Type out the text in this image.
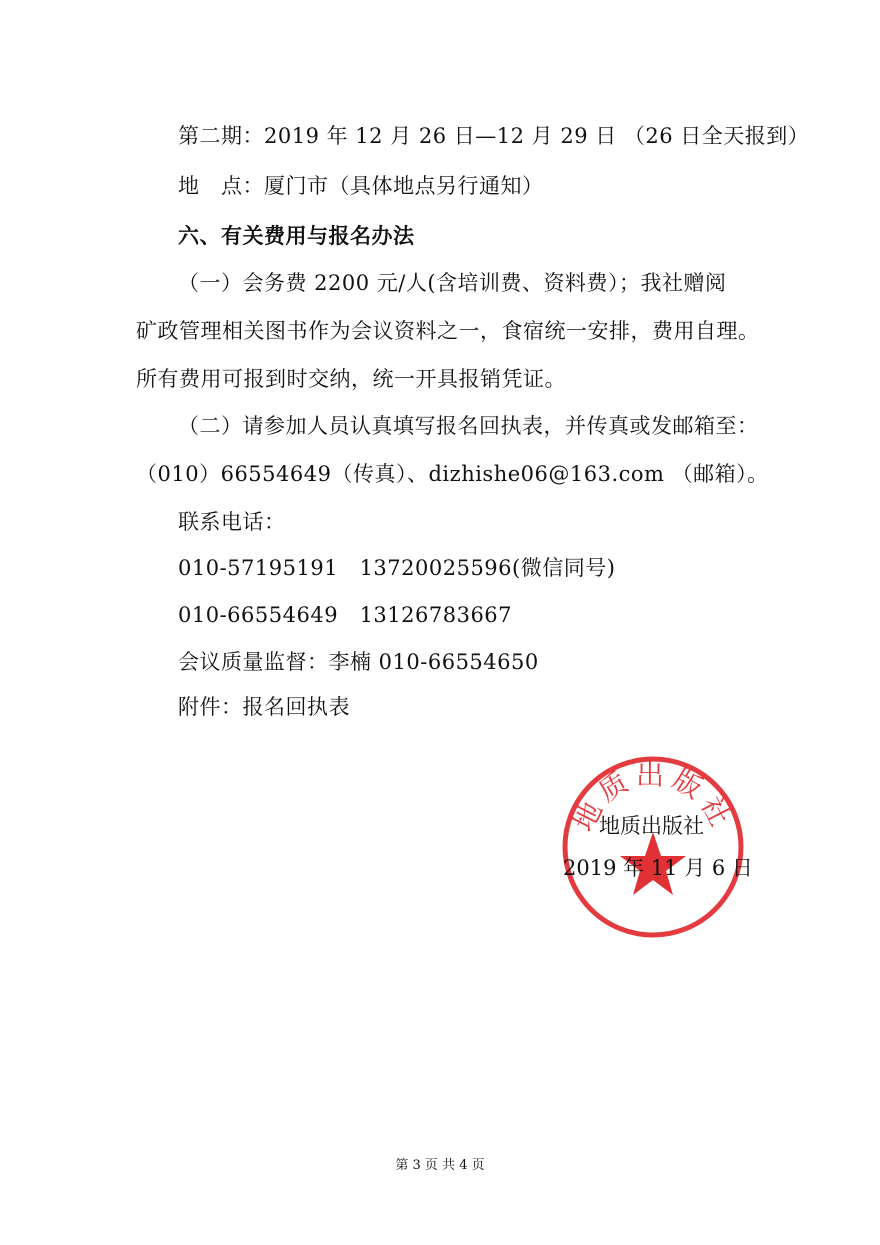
第二期：2019 年 12 月 26 日—12 月 29 日 （26 日全天报到）
地　点：厦门市（具体地点另行通知）
六、有关费用与报名办法
（一）会务费 2200 元/人(含培训费、资料费）；我社赠阅
矿政管理相关图书作为会议资料之一，食宿统一安排，费用自理。
所有费用可报到时交纳，统一开具报销凭证。
（二）请参加人员认真填写报名回执表，并传真或发邮箱至：
（010）66554649（传真）、dizhishe06@163.com （邮箱）。
联系电话：
010-57195191　13720025596(微信同号)
010-66554649　13126783667
会议质量监督：李楠 010-66554650
附件：报名回执表
地质出版社
地质出版社
2019 年 11 月 6 日
第 3 页 共 4 页
